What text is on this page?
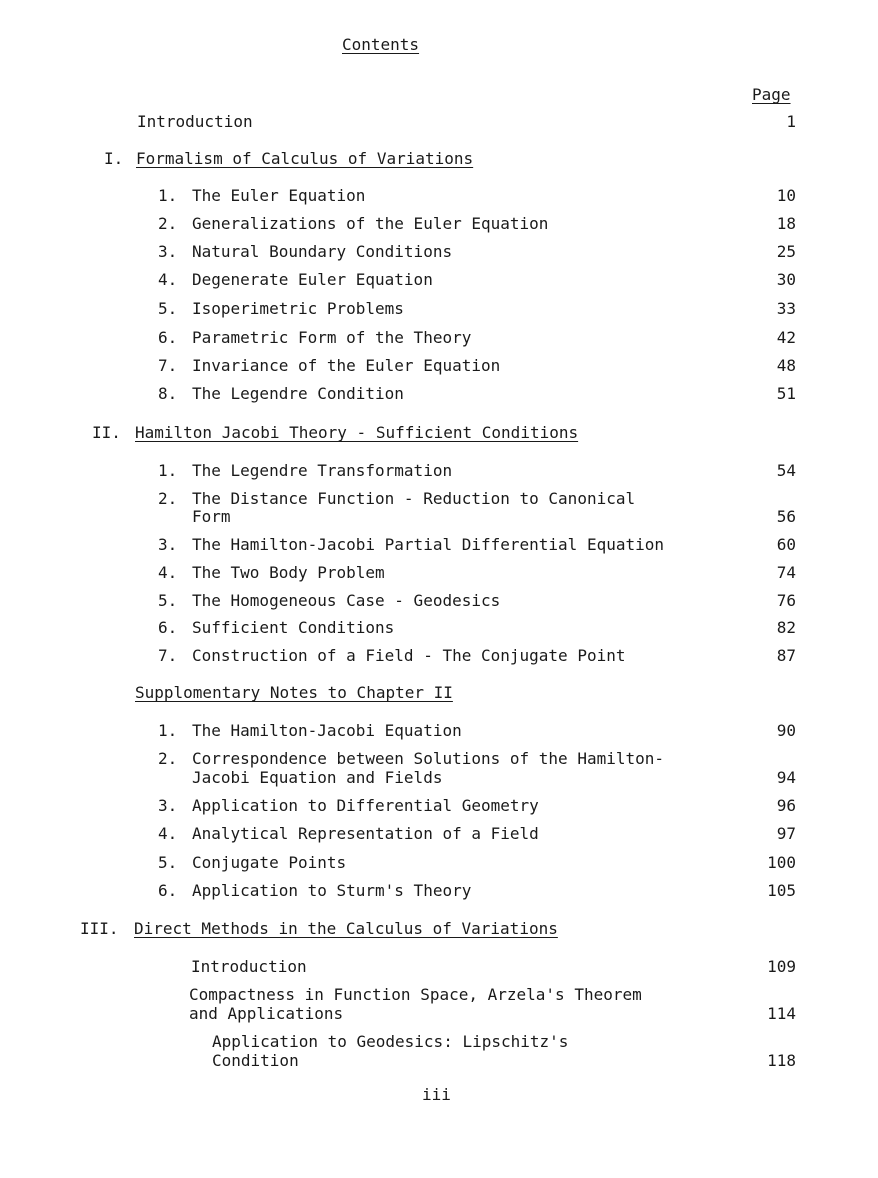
Contents
Page
Introduction	1
I. Formalism of Calculus of Variations
1. The Euler Equation	10
2. Generalizations of the Euler Equation	18
3. Natural Boundary Conditions	25
4. Degenerate Euler Equation	30
5. Isoperimetric Problems	33
6. Parametric Form of the Theory	42
7. Invariance of the Euler Equation	48
8. The Legendre Condition	51
II. Hamilton Jacobi Theory - Sufficient Conditions
1. The Legendre Transformation	54
2. The Distance Function - Reduction to Canonical
Form	56
3. The Hamilton-Jacobi Partial Differential Equation	60
4. The Two Body Problem	74
5. The Homogeneous Case - Geodesics	76
6. Sufficient Conditions	82
7. Construction of a Field - The Conjugate Point	87
Supplomentary Notes to Chapter II
1. The Hamilton-Jacobi Equation	90
2. Correspondence between Solutions of the Hamilton-
Jacobi Equation and Fields	94
3. Application to Differential Geometry	96
4. Analytical Representation of a Field	97
5. Conjugate Points	100
6. Application to Sturm's Theory	105
III. Direct Methods in the Calculus of Variations
Introduction	109
Compactness in Function Space, Arzela's Theorem
and Applications	114
Application to Geodesics: Lipschitz's
Condition	118
iii
